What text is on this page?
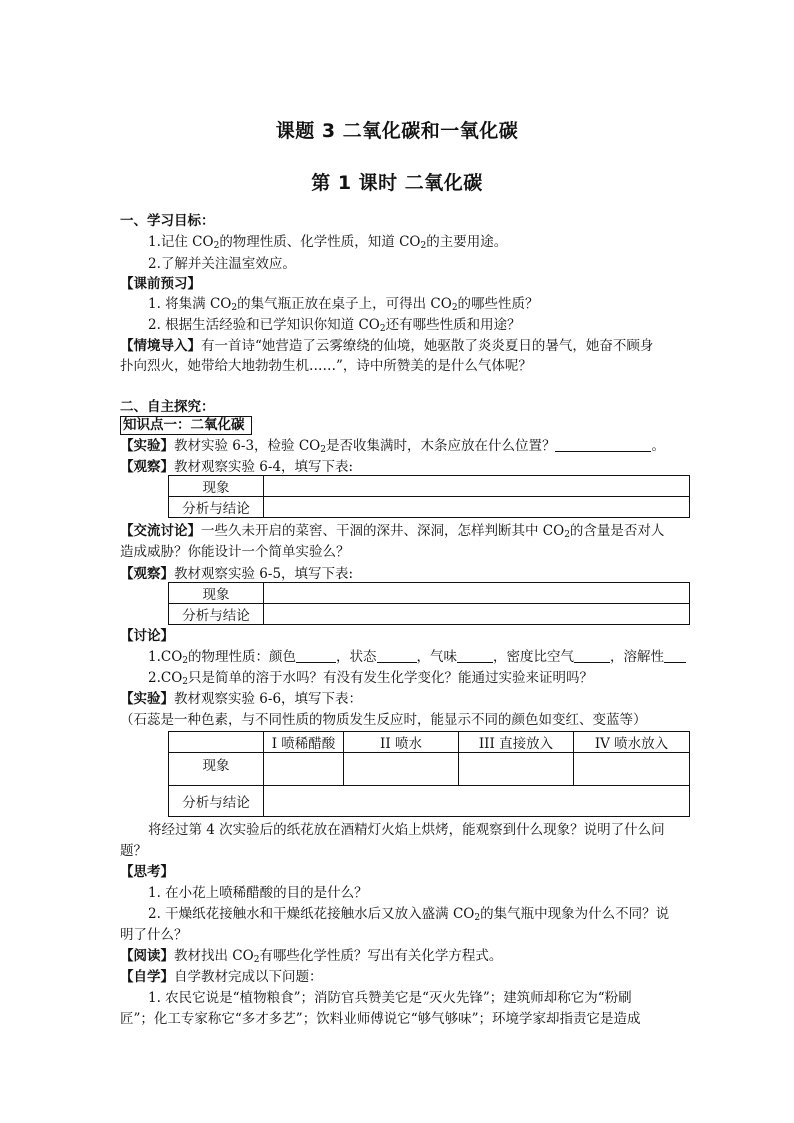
课题 3 二氧化碳和一氧化碳
第 1 课时 二氧化碳
一、学习目标：
1.记住 $CO_2$的物理性质、化学性质，知道 $CO_2$的主要用途。
2.了解并关注温室效应。
【课前预习】
1. 将集满 $CO_2$的集气瓶正放在桌子上，可得出 $CO_2$的哪些性质？
2. 根据生活经验和已学知识你知道 $CO_2$还有哪些性质和用途？
【情境导入】有一首诗“她营造了云雾缭绕的仙境，她驱散了炎炎夏日的暑气，她奋不顾身
扑向烈火，她带给大地勃勃生机……”，诗中所赞美的是什么气体呢？
二、自主探究：
知识点一：二氧化碳
【实验】教材实验 6-3，检验 $CO_2$是否收集满时，木条应放在什么位置？	。
【观察】教材观察实验 6-4，填写下表:
现象	
分析与结论	
【交流讨论】一些久未开启的菜窖、干涸的深井、深洞，怎样判断其中 $CO_2$的含量是否对人
造成威胁？你能设计一个简单实验么？
【观察】教材观察实验 6-5，填写下表:
现象	
分析与结论	
【讨论】
$1.CO_2$的物理性质：颜色	，状态	，气味	，密度比空气	，溶解性
$2.CO_2$只是简单的溶于水吗？有没有发生化学变化？能通过实验来证明吗？
【实验】教材观察实验 6-6，填写下表：
（石蕊是一种色素，与不同性质的物质发生反应时，能显示不同的颜色如变红、变蓝等）
	I 喷稀醋酸	II 喷水	III 直接放入	IV 喷水放入
现象				
分析与结论				
将经过第 4 次实验后的纸花放在酒精灯火焰上烘烤，能观察到什么现象？说明了什么问
题？
【思考】
1. 在小花上喷稀醋酸的目的是什么？
2. 干燥纸花接触水和干燥纸花接触水后又放入盛满 $CO_2$的集气瓶中现象为什么不同？说
明了什么？
【阅读】教材找出 $CO_2$有哪些化学性质？写出有关化学方程式。
【自学】自学教材完成以下问题：
1. 农民它说是“植物粮食”；消防官兵赞美它是“灭火先锋”；建筑师却称它为“粉刷
匠”；化工专家称它“多才多艺”；饮料业师傅说它“够气够味”；环境学家却指责它是造成
